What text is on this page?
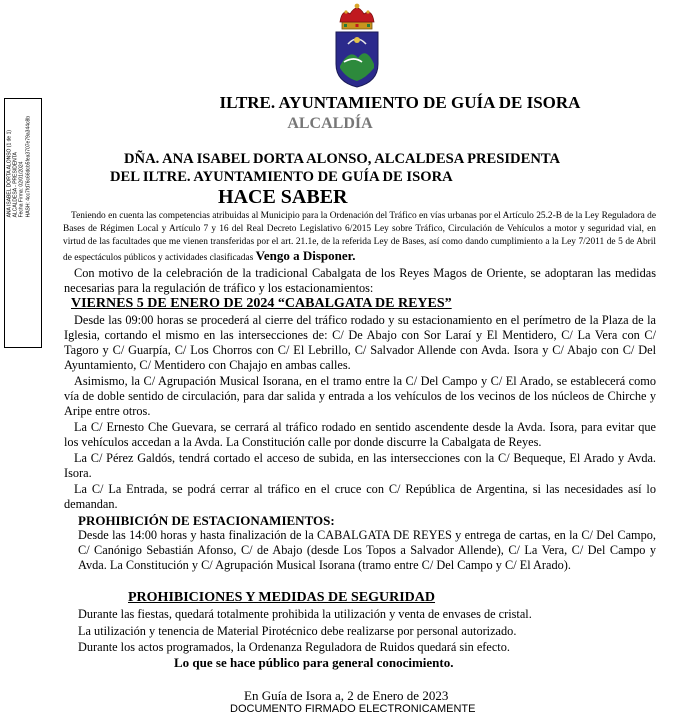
ANA ISABEL DORTA ALONSO (1 de 1) ALCALDESA - PRESIDENTA Fecha Firma: 02/01/2024 HASH: 4cc7fd76c66dcb5fea3707e79a344c8b
ILTRE. AYUNTAMIENTO DE GUÍA DE ISORA
ALCALDÍA
DÑA. ANA ISABEL DORTA ALONSO, ALCALDESA PRESIDENTA
DEL ILTRE. AYUNTAMIENTO DE GUÍA DE ISORA
HACE SABER
Teniendo en cuenta las competencias atribuidas al Municipio para la Ordenación del Tráfico en vías urbanas por el Artículo 25.2-B de la Ley Reguladora de Bases de Régimen Local y Artículo 7 y 16 del Real Decreto Legislativo 6/2015 Ley sobre Tráfico, Circulación de Vehículos a motor y seguridad vial, en virtud de las facultades que me vienen transferidas por el art. 21.1e, de la referida Ley de Bases, así como dando cumplimiento a la Ley 7/2011 de 5 de Abril de espectáculos públicos y actividades clasificadas Vengo a Disponer.

Con motivo de la celebración de la tradicional Cabalgata de los Reyes Magos de Oriente, se adoptaran las medidas necesarias para la regulación de tráfico y los estacionamientos:

VIERNES 5 DE ENERO DE 2024 “CABALGATA DE REYES”

Desde las 09:00 horas se procederá al cierre del tráfico rodado y su estacionamiento en el perímetro de la Plaza de la Iglesia, cortando el mismo en las intersecciones de: C/ De Abajo con Sor Laraí y El Mentidero, C/ La Vera con C/ Tagoro y C/ Guarpía, C/ Los Chorros con C/ El Lebrillo, C/ Salvador Allende con Avda. Isora y C/ Abajo con C/ Del Ayuntamiento, C/ Mentidero con Chajajo en ambas calles.

Asimismo, la C/ Agrupación Musical Isorana, en el tramo entre la C/ Del Campo y C/ El Arado, se establecerá como vía de doble sentido de circulación, para dar salida y entrada a los vehículos de los vecinos de los núcleos de Chirche y Aripe entre otros.

La C/ Ernesto Che Guevara, se cerrará al tráfico rodado en sentido ascendente desde la Avda. Isora, para evitar que los vehículos accedan a la Avda. La Constitución calle por donde discurre la Cabalgata de Reyes.

La C/ Pérez Galdós, tendrá cortado el acceso de subida, en las intersecciones con la C/ Bequeque, El Arado y Avda. Isora.

La C/ La Entrada, se podrá cerrar al tráfico en el cruce con C/ República de Argentina, si las necesidades así lo demandan.

PROHIBICIÓN DE ESTACIONAMIENTOS:

Desde las 14:00 horas y hasta finalización de la CABALGATA DE REYES y entrega de cartas, en la C/ Del Campo, C/ Canónigo Sebastián Afonso, C/ de Abajo (desde Los Topos a Salvador Allende), C/ La Vera, C/ Del Campo y Avda. La Constitución y C/ Agrupación Musical Isorana (tramo entre C/ Del Campo y C/ El Arado).

PROHIBICIONES Y MEDIDAS DE SEGURIDAD
Durante las fiestas, quedará totalmente prohibida la utilización y venta de envases de cristal.
La utilización y tenencia de Material Pirotécnico debe realizarse por personal autorizado.
Durante los actos programados, la Ordenanza Reguladora de Ruidos quedará sin efecto.
Lo que se hace público para general conocimiento.
En Guía de Isora a, 2 de Enero de 2023
DOCUMENTO FIRMADO ELECTRONICAMENTE
